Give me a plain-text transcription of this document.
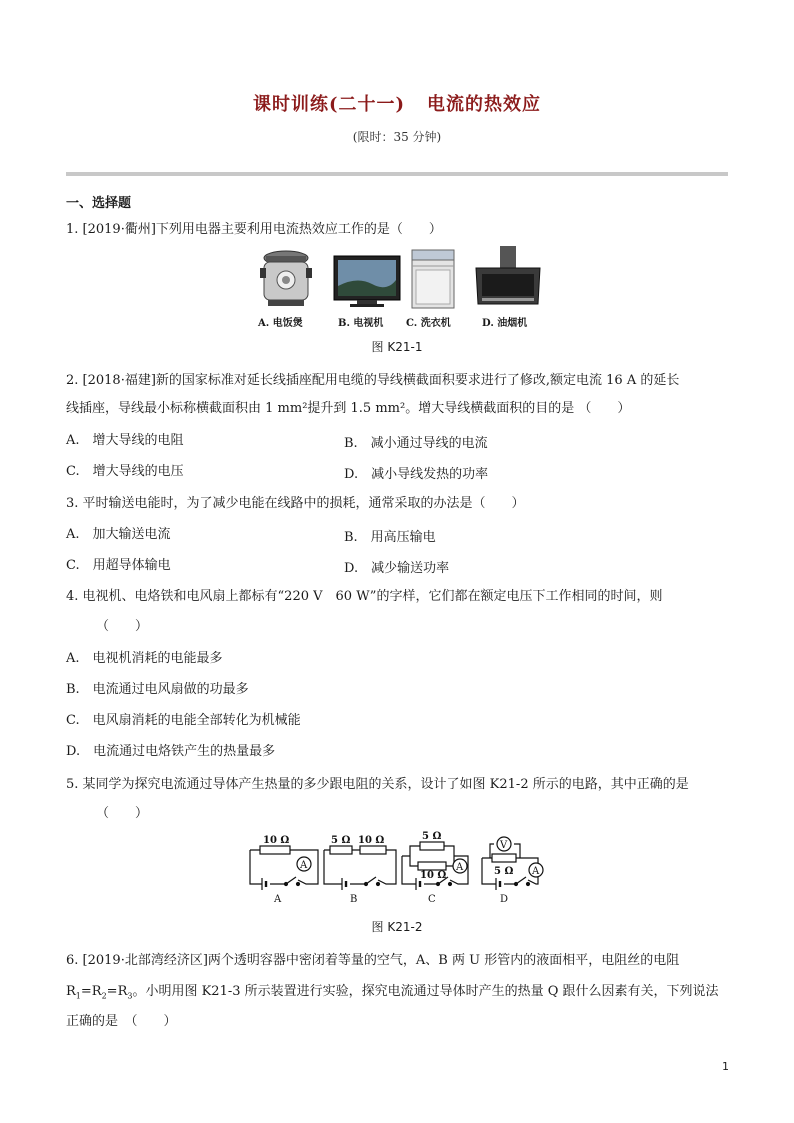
课时训练(二十一) 电流的热效应
(限时：35 分钟)
一、选择题
1. [2019·衢州]下列用电器主要利用电流热效应工作的是（　　）
A. 电饭煲	B. 电视机 C. 洗衣机	D. 油烟机
图 K21-1
2. [2018·福建]新的国家标准对延长线插座配用电缆的导线横截面积要求进行了修改,额定电流 16 A 的延长
线插座，导线最小标称横截面积由 1 mm²提升到 1.5 mm²。增大导线横截面积的目的是 （　　）
A.　增大导线的电阻	B.　减小通过导线的电流
C.　增大导线的电压	D.　减小导线发热的功率
3. 平时输送电能时，为了减少电能在线路中的损耗，通常采取的办法是（　　）
A.　加大输送电流	B.　用高压输电
C.　用超导体输电	D.　减少输送功率
4. 电视机、电烙铁和电风扇上都标有“220 V　60 W”的字样，它们都在额定电压下工作相同的时间，则
（　　）
A.　电视机消耗的电能最多
B.　电流通过电风扇做的功最多
C.　电风扇消耗的电能全部转化为机械能
D.　电流通过电烙铁产生的热量最多
5. 某同学为探究电流通过导体产生热量的多少跟电阻的关系，设计了如图 K21-2 所示的电路，其中正确的是
（　　）
10 Ω
A
A
5 Ω 10 Ω
B
5 Ω
10 Ω
A
C
V
5 Ω A
D
图 K21-2
6. [2019·北部湾经济区]两个透明容器中密闭着等量的空气，A、B 两 U 形管内的液面相平，电阻丝的电阻
$R_1=R_2=R_3$。小明用图 K21-3 所示装置进行实验，探究电流通过导体时产生的热量 Q 跟什么因素有关，下列说法
正确的是　（　　）
1
